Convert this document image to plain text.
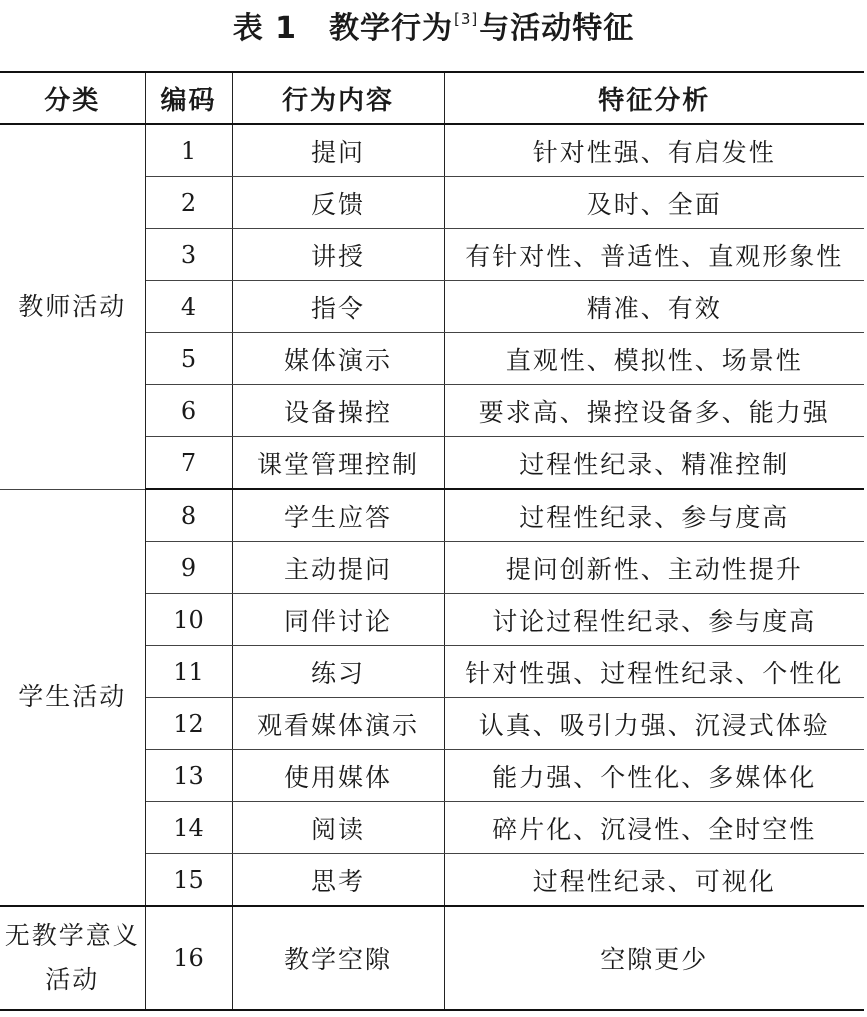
表 1 教学行为[3]与活动特征
分类	编码	行为内容	特征分析
教师活动	1	提问	针对性强、有启发性
	2	反馈	及时、全面
	3	讲授	有针对性、普适性、直观形象性
	4	指令	精准、有效
	5	媒体演示	直观性、模拟性、场景性
	6	设备操控	要求高、操控设备多、能力强
	7	课堂管理控制	过程性纪录、精准控制
学生活动	8	学生应答	过程性纪录、参与度高
	9	主动提问	提问创新性、主动性提升
	10	同伴讨论	讨论过程性纪录、参与度高
	11	练习	针对性强、过程性纪录、个性化
	12	观看媒体演示	认真、吸引力强、沉浸式体验
	13	使用媒体	能力强、个性化、多媒体化
	14	阅读	碎片化、沉浸性、全时空性
	15	思考	过程性纪录、可视化
无教学意义活动	16	教学空隙	空隙更少
